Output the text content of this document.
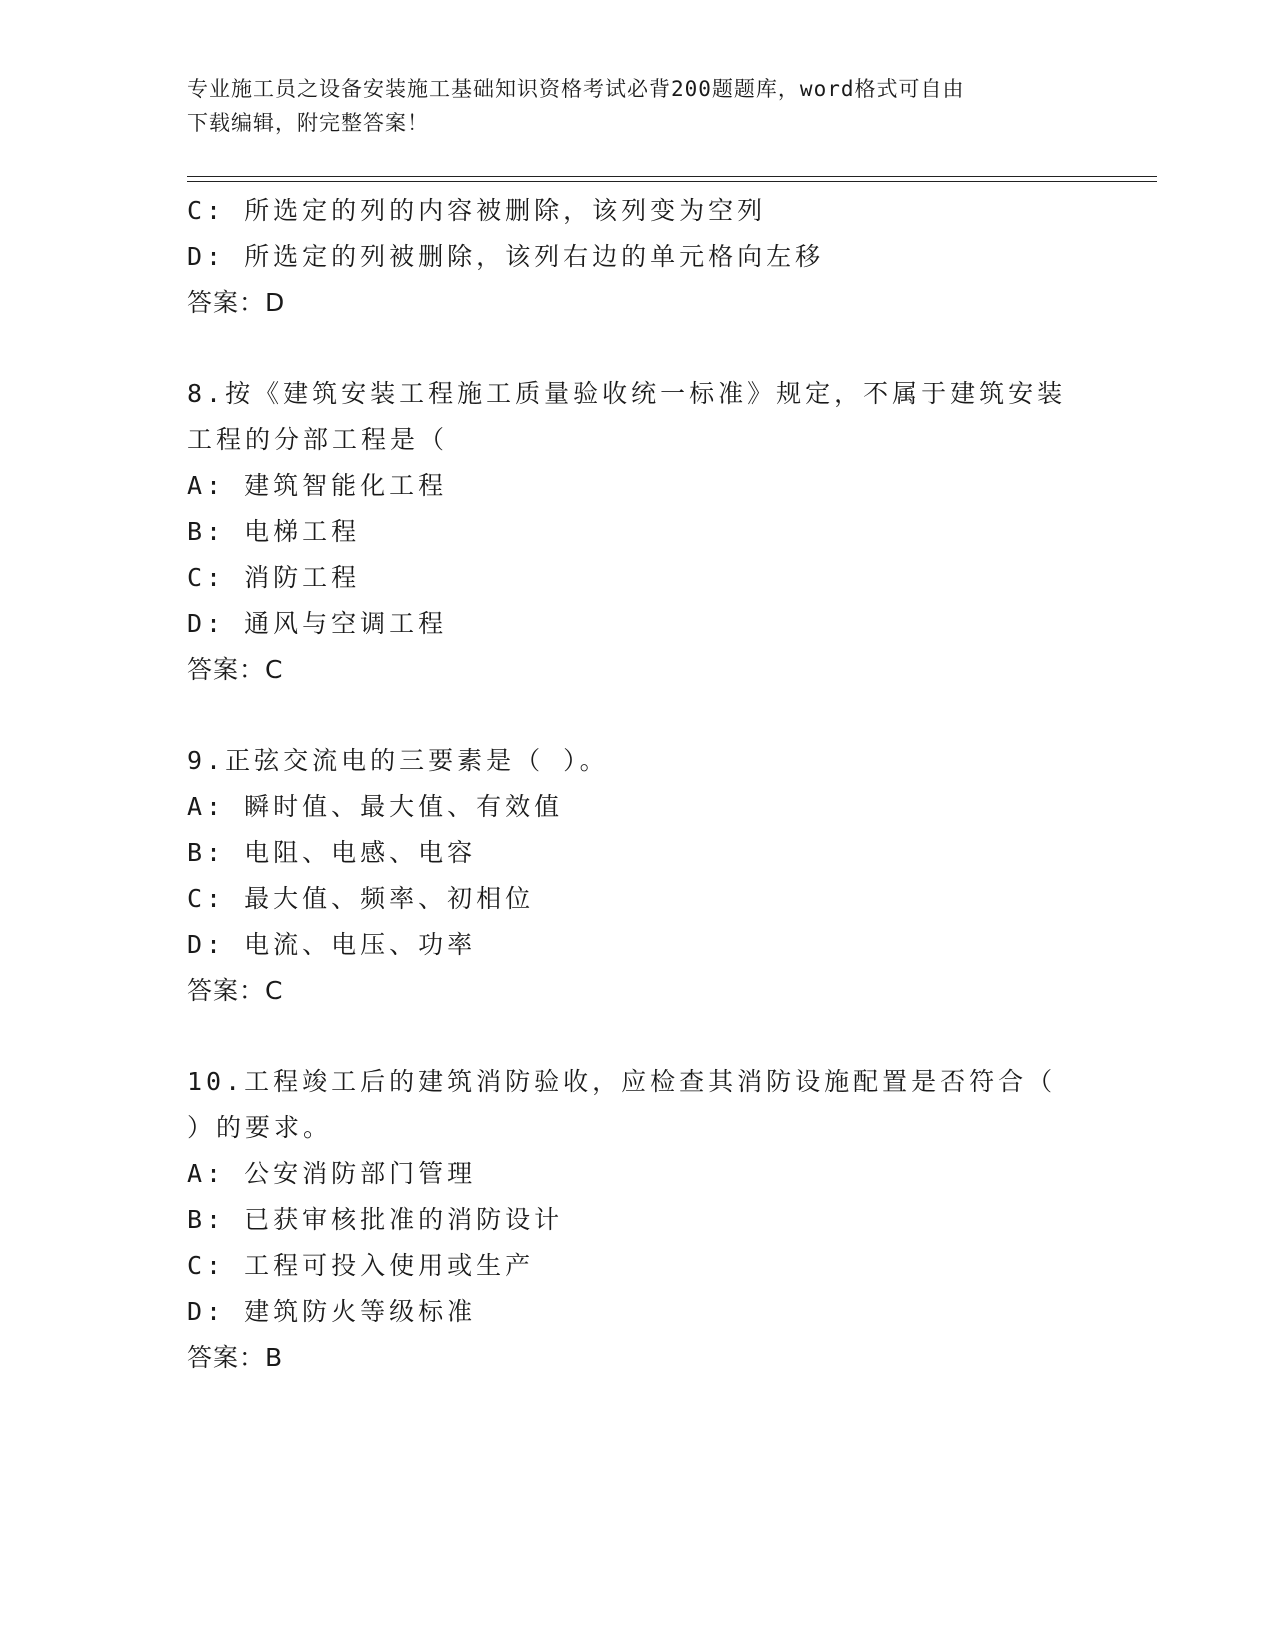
专业施工员之设备安装施工基础知识资格考试必背200题题库，word格式可自由
下载编辑，附完整答案！
C: 所选定的列的内容被删除，该列变为空列
D: 所选定的列被删除，该列右边的单元格向左移
答案：D
8.按《建筑安装工程施工质量验收统一标准》规定，不属于建筑安装
工程的分部工程是（
A: 建筑智能化工程
B: 电梯工程
C: 消防工程
D: 通风与空调工程
答案：C
9.正弦交流电的三要素是（ ）。
A: 瞬时值、最大值、有效值
B: 电阻、电感、电容
C: 最大值、频率、初相位
D: 电流、电压、功率
答案：C
10.工程竣工后的建筑消防验收，应检查其消防设施配置是否符合（
）的要求。
A: 公安消防部门管理
B: 已获审核批准的消防设计
C: 工程可投入使用或生产
D: 建筑防火等级标准
答案：B
